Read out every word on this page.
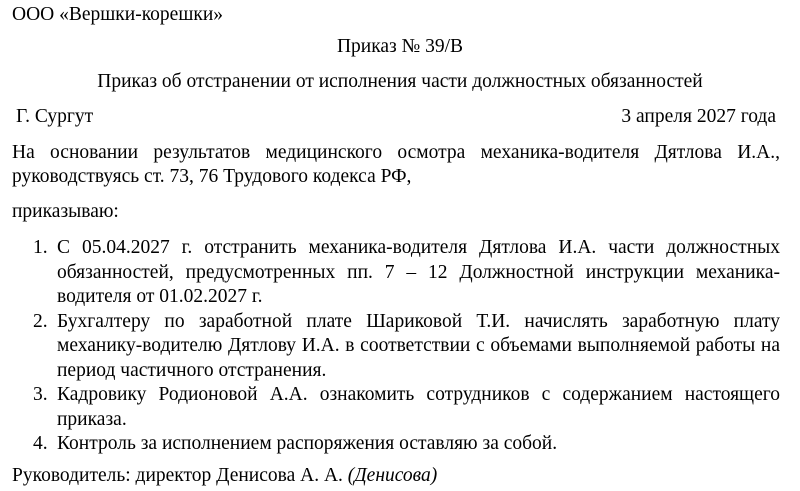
ООО «Вершки-корешки»
Приказ № 39/В
Приказ об отстранении от исполнения части должностных обязанностей
Г. Сургут	3 апреля 2027 года
На основании результатов медицинского осмотра механика-водителя Дятлова И.А., руководствуясь ст. 73, 76 Трудового кодекса РФ,
приказываю:
1. С 05.04.2027 г. отстранить механика-водителя Дятлова И.А. части должностных обязанностей, предусмотренных пп. 7 – 12 Должностной инструкции механика-водителя от 01.02.2027 г.
2. Бухгалтеру по заработной плате Шариковой Т.И. начислять заработную плату механику-водителю Дятлову И.А. в соответствии с объемами выполняемой работы на период частичного отстранения.
3. Кадровику Родионовой А.А. ознакомить сотрудников с содержанием настоящего приказа.
4. Контроль за исполнением распоряжения оставляю за собой.
Руководитель: директор Денисова А. А. (Денисова)
